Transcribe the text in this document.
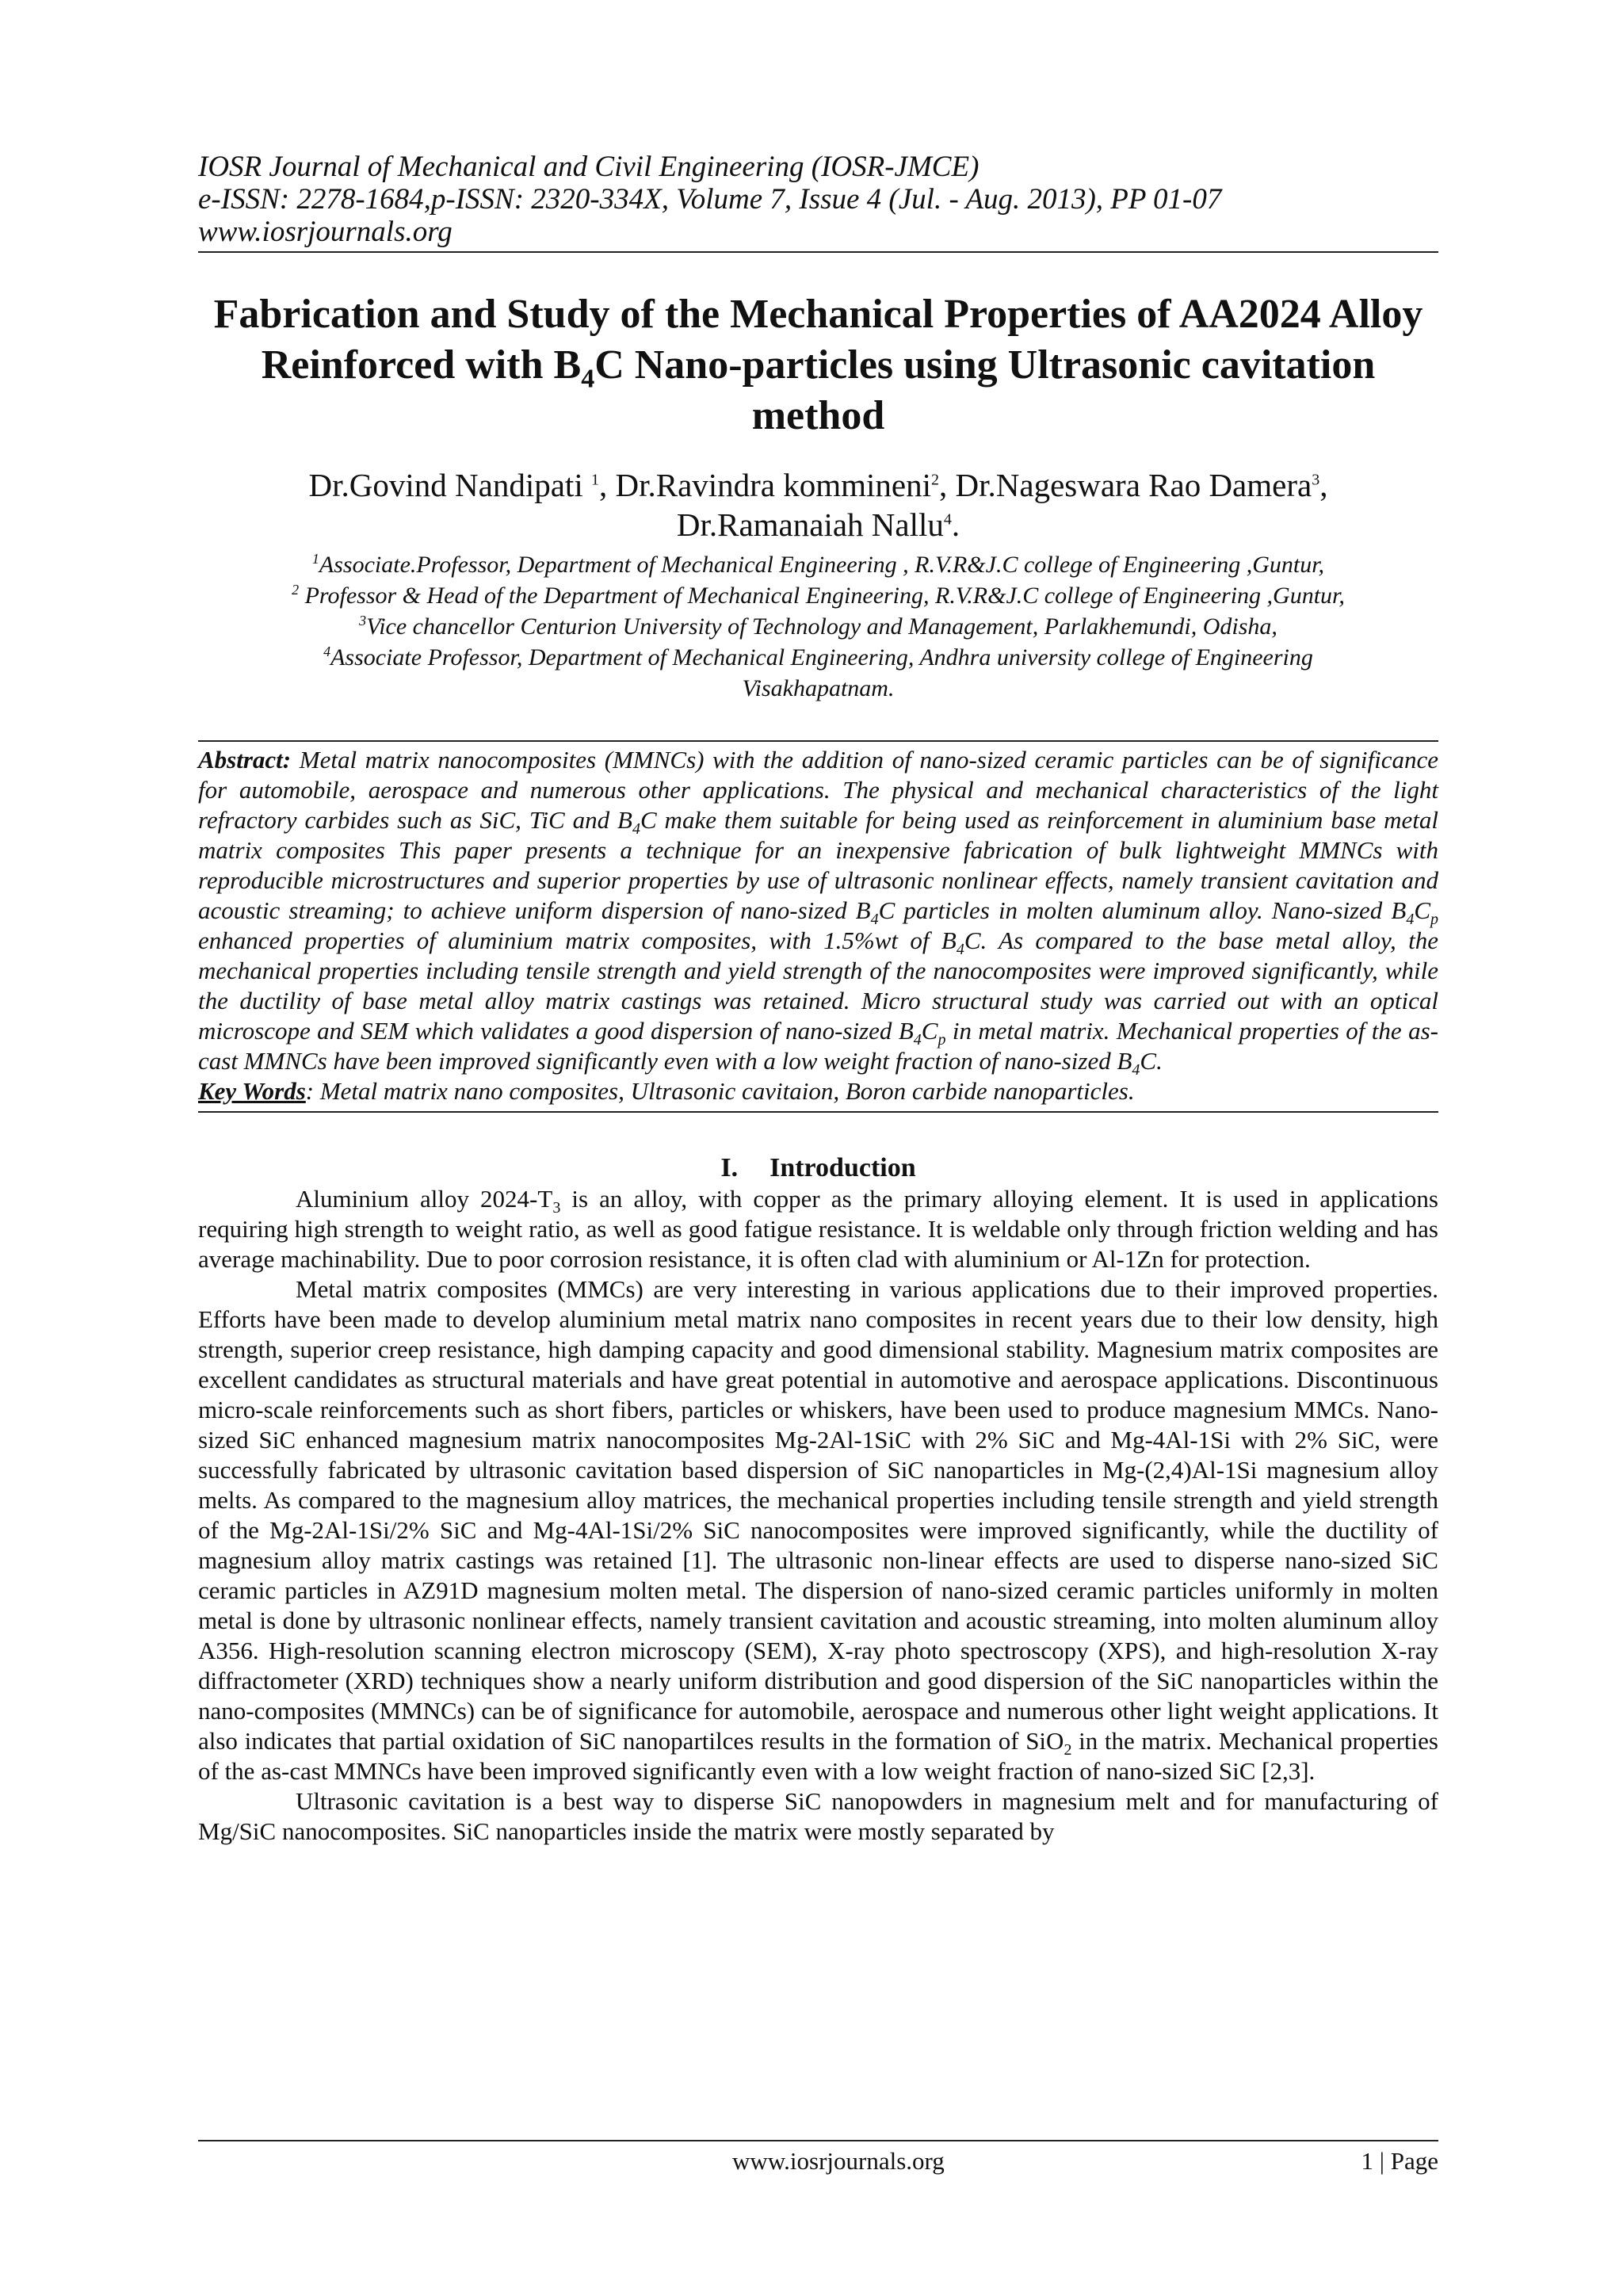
IOSR Journal of Mechanical and Civil Engineering (IOSR-JMCE)
e-ISSN: 2278-1684,p-ISSN: 2320-334X, Volume 7, Issue 4 (Jul. - Aug. 2013), PP 01-07
www.iosrjournals.org
Fabrication and Study of the Mechanical Properties of AA2024 Alloy Reinforced with $B_4C$ Nano-particles using Ultrasonic cavitation method
Dr.Govind Nandipati $^1$, Dr.Ravindra kommineni$^2$, Dr.Nageswara Rao Damera$^3$,
Dr.Ramanaiah Nallu$^4$.
$^1$Associate.Professor, Department of Mechanical Engineering , R.V.R&J.C college of Engineering ,Guntur,
$^2$ Professor & Head of the Department of Mechanical Engineering, R.V.R&J.C college of Engineering ,Guntur,
$^3$Vice chancellor Centurion University of Technology and Management, Parlakhemundi, Odisha,
$^4$Associate Professor, Department of Mechanical Engineering, Andhra university college of Engineering
Visakhapatnam.

Abstract: Metal matrix nanocomposites (MMNCs) with the addition of nano-sized ceramic particles can be of significance for automobile, aerospace and numerous other applications. The physical and mechanical characteristics of the light refractory carbides such as SiC, TiC and $B_4C$ make them suitable for being used as reinforcement in aluminium base metal matrix composites This paper presents a technique for an inexpensive fabrication of bulk lightweight MMNCs with reproducible microstructures and superior properties by use of ultrasonic nonlinear effects, namely transient cavitation and acoustic streaming; to achieve uniform dispersion of nano-sized $B_4C$ particles in molten aluminum alloy. Nano-sized $B_4C_p$ enhanced properties of aluminium matrix composites, with 1.5%wt of $B_4C$. As compared to the base metal alloy, the mechanical properties including tensile strength and yield strength of the nanocomposites were improved significantly, while the ductility of base metal alloy matrix castings was retained. Micro structural study was carried out with an optical microscope and SEM which validates a good dispersion of nano-sized $B_4C_p$ in metal matrix. Mechanical properties of the as-cast MMNCs have been improved significantly even with a low weight fraction of nano-sized $B_4C$.

Key Words: Metal matrix nano composites, Ultrasonic cavitaion, Boron carbide nanoparticles.

I. Introduction

Aluminium alloy $2024-T_3$ is an alloy, with copper as the primary alloying element. It is used in applications requiring high strength to weight ratio, as well as good fatigue resistance. It is weldable only through friction welding and has average machinability. Due to poor corrosion resistance, it is often clad with aluminium or Al-1Zn for protection.

Metal matrix composites (MMCs) are very interesting in various applications due to their improved properties. Efforts have been made to develop aluminium metal matrix nano composites in recent years due to their low density, high strength, superior creep resistance, high damping capacity and good dimensional stability. Magnesium matrix composites are excellent candidates as structural materials and have great potential in automotive and aerospace applications. Discontinuous micro-scale reinforcements such as short fibers, particles or whiskers, have been used to produce magnesium MMCs. Nano-sized SiC enhanced magnesium matrix nanocomposites Mg-2Al-1SiC with 2% SiC and Mg-4Al-1Si with 2% SiC, were successfully fabricated by ultrasonic cavitation based dispersion of SiC nanoparticles in Mg-(2,4)Al-1Si magnesium alloy melts. As compared to the magnesium alloy matrices, the mechanical properties including tensile strength and yield strength of the Mg-2Al-1Si/2% SiC and Mg-4Al-1Si/2% SiC nanocomposites were improved significantly, while the ductility of magnesium alloy matrix castings was retained [1]. The ultrasonic non-linear effects are used to disperse nano-sized SiC ceramic particles in AZ91D magnesium molten metal. The dispersion of nano-sized ceramic particles uniformly in molten metal is done by ultrasonic nonlinear effects, namely transient cavitation and acoustic streaming, into molten aluminum alloy A356. High-resolution scanning electron microscopy (SEM), X-ray photo spectroscopy (XPS), and high-resolution X-ray diffractometer (XRD) techniques show a nearly uniform distribution and good dispersion of the SiC nanoparticles within the nano-composites (MMNCs) can be of significance for automobile, aerospace and numerous other light weight applications. It also indicates that partial oxidation of SiC nanopartilces results in the formation of SiO$_2$ in the matrix. Mechanical properties of the as-cast MMNCs have been improved significantly even with a low weight fraction of nano-sized SiC [2,3].

Ultrasonic cavitation is a best way to disperse SiC nanopowders in magnesium melt and for manufacturing of Mg/SiC nanocomposites. SiC nanoparticles inside the matrix were mostly separated by

www.iosrjournals.org	1 | Page
